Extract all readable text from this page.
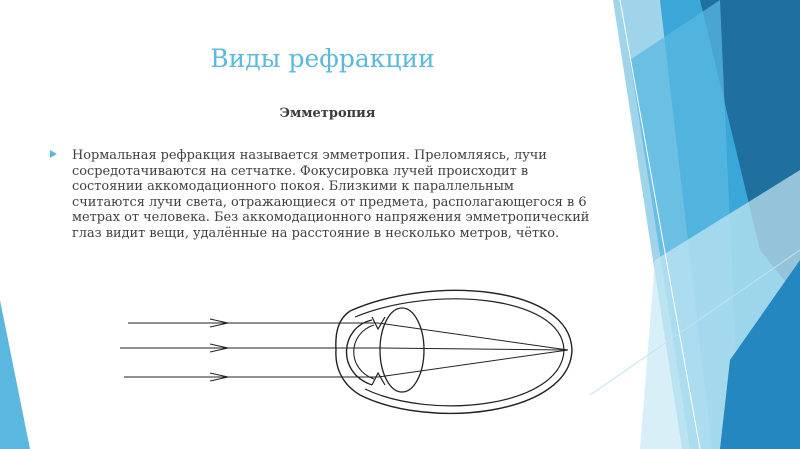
Виды рефракции
Эмметропия
Нормальная рефракция называется эмметропия. Преломляясь, лучи сосредотачиваются на сетчатке. Фокусировка лучей происходит в состоянии аккомодационного покоя. Близкими к параллельным считаются лучи света, отражающиеся от предмета, располагающегося в 6 метрах от человека. Без аккомодационного напряжения эмметропический глаз видит вещи, удалённые на расстояние в несколько метров, чётко.
